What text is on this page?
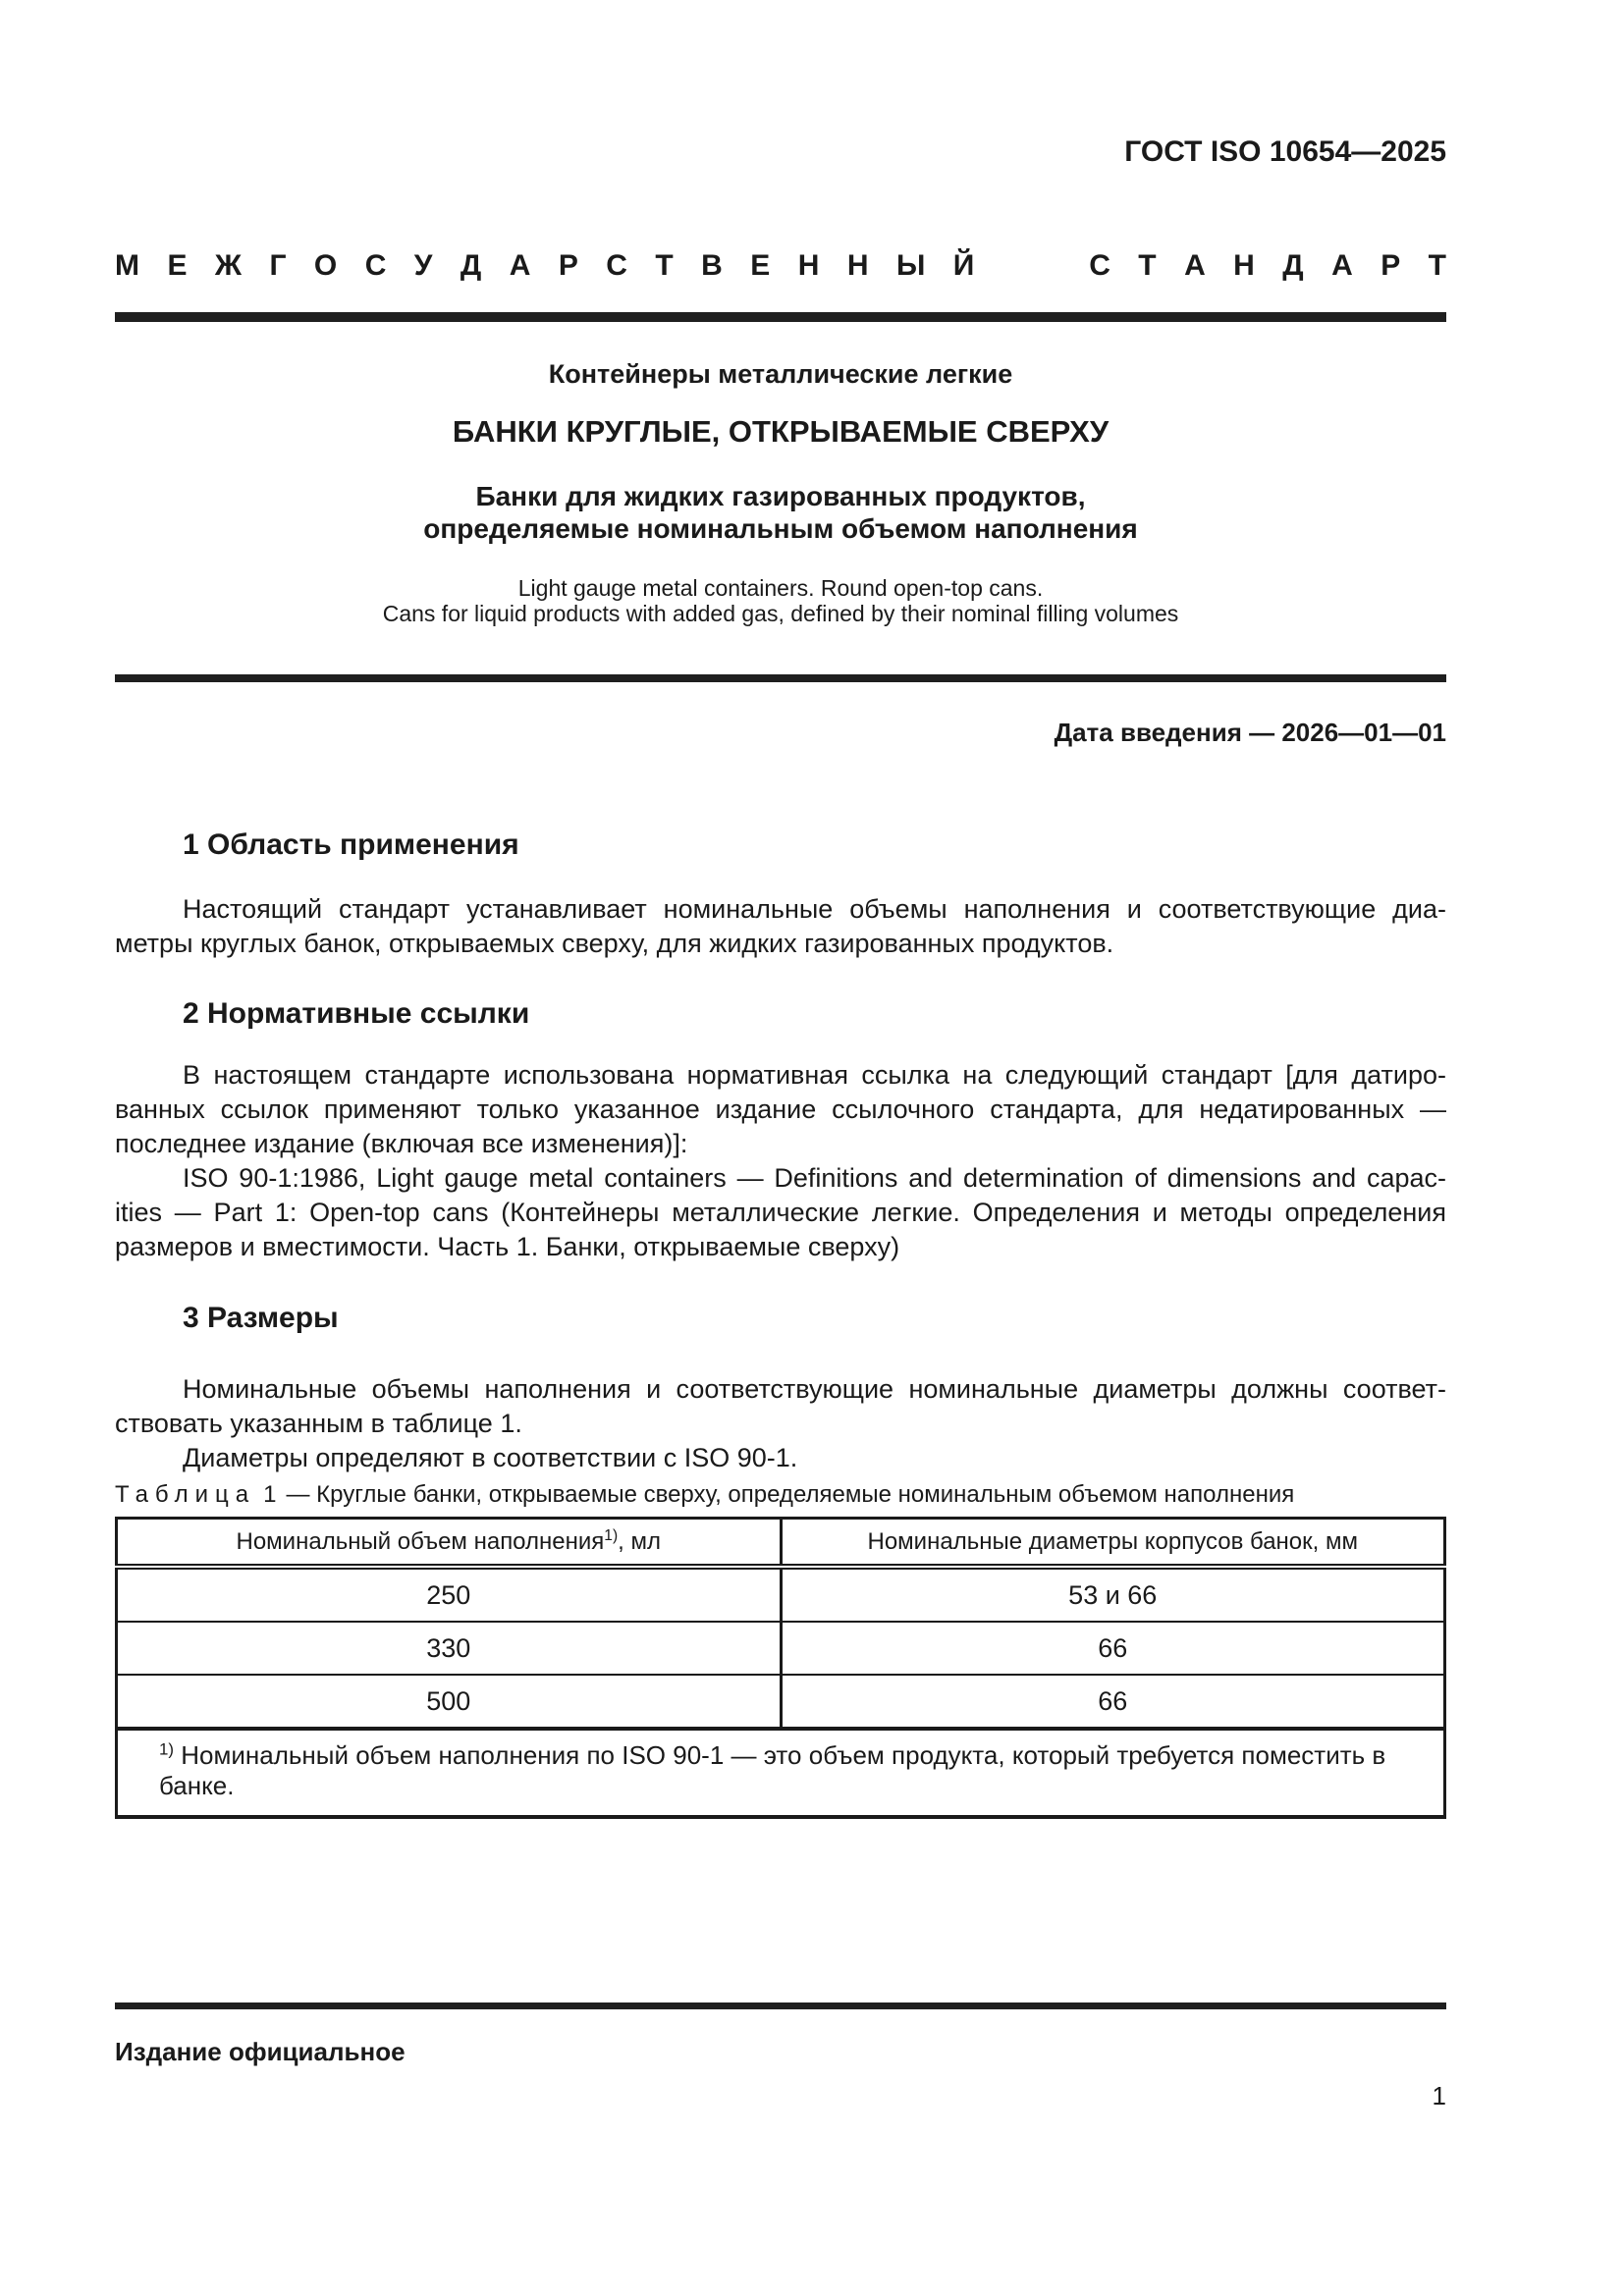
ГОСТ ISO 10654—2025
М Е Ж Г О С У Д А Р С Т В Е Н Н Ы Й	С Т А Н Д А Р Т
Контейнеры металлические легкие
БАНКИ КРУГЛЫЕ, ОТКРЫВАЕМЫЕ СВЕРХУ
Банки для жидких газированных продуктов,
определяемые номинальным объемом наполнения
Light gauge metal containers. Round open-top cans.
Cans for liquid products with added gas, defined by their nominal filling volumes
Дата введения — 2026—01—01
1 Область применения
Настоящий стандарт устанавливает номинальные объемы наполнения и соответствующие диа-
метры круглых банок, открываемых сверху, для жидких газированных продуктов.
2 Нормативные ссылки
В настоящем стандарте использована нормативная ссылка на следующий стандарт [для датиро-
ванных ссылок применяют только указанное издание ссылочного стандарта, для недатированных —
последнее издание (включая все изменения)]:
ISO 90-1:1986, Light gauge metal containers — Definitions and determination of dimensions and capac-
ities — Part 1: Open-top cans (Контейнеры металлические легкие. Определения и методы определения
размеров и вместимости. Часть 1. Банки, открываемые сверху)
3 Размеры
Номинальные объемы наполнения и соответствующие номинальные диаметры должны соответ-
ствовать указанным в таблице 1.
Диаметры определяют в соответствии с ISO 90-1.
Таблица 1 — Круглые банки, открываемые сверху, определяемые номинальным объемом наполнения
Номинальный объем наполнения$^{1)}$, мл	Номинальные диаметры корпусов банок, мм
250	53 и 66
330	66
500	66
$^{1)}$ Номинальный объем наполнения по ISO 90-1 — это объем продукта, который требуется поместить в банке.	
Издание официальное
1
